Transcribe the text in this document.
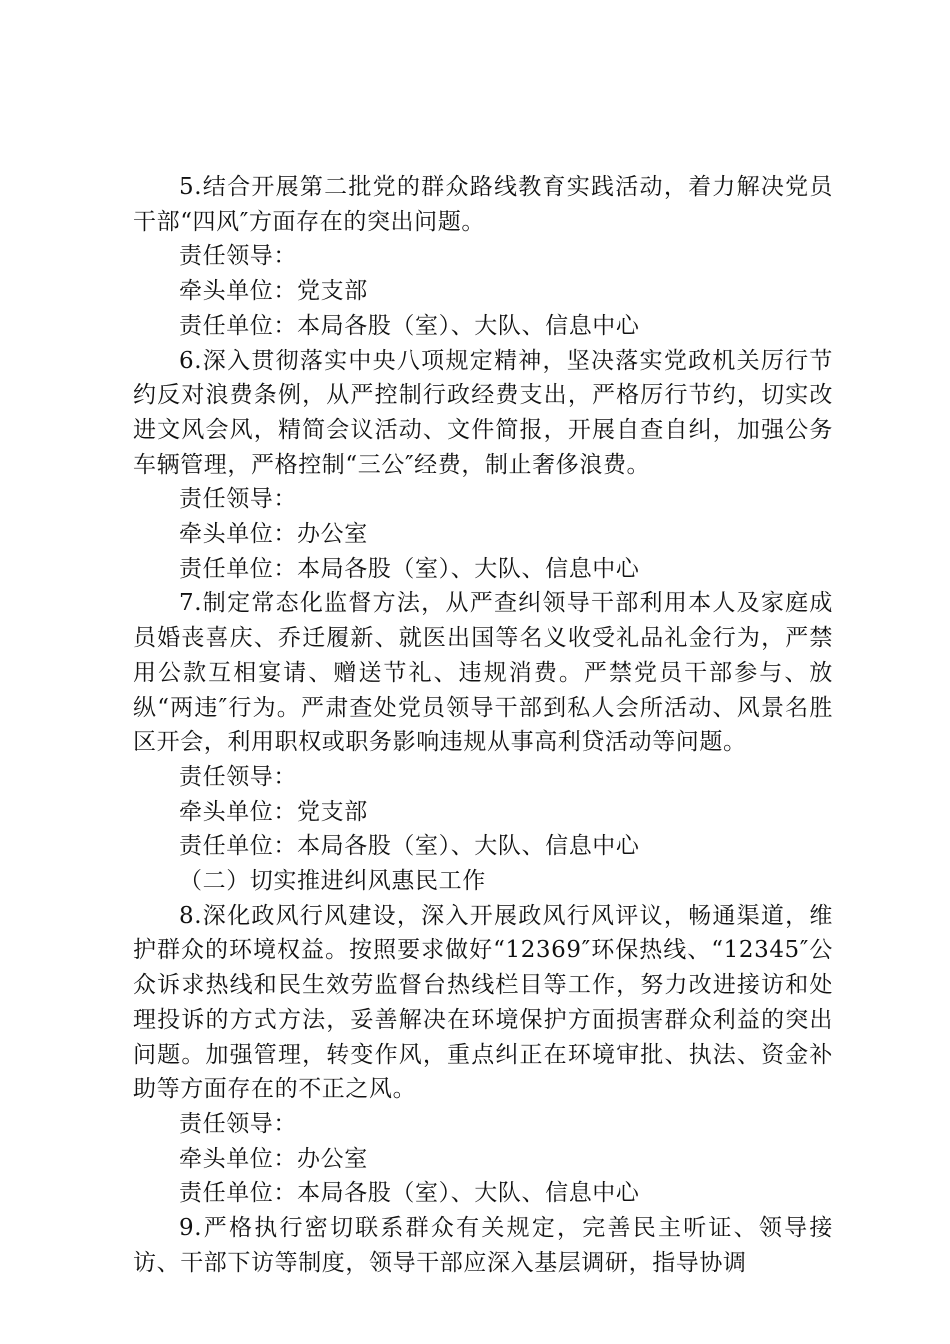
5.结合开展第二批党的群众路线教育实践活动，着力解决党员干部“四风″方面存在的突出问题。

责任领导：

牵头单位：党支部

责任单位：本局各股（室）、大队、信息中心

6.深入贯彻落实中央八项规定精神，坚决落实党政机关厉行节约反对浪费条例，从严控制行政经费支出，严格厉行节约，切实改进文风会风，精简会议活动、文件简报，开展自查自纠，加强公务车辆管理，严格控制“三公″经费，制止奢侈浪费。

责任领导：

牵头单位：办公室

责任单位：本局各股（室）、大队、信息中心

7.制定常态化监督方法，从严查纠领导干部利用本人及家庭成员婚丧喜庆、乔迁履新、就医出国等名义收受礼品礼金行为，严禁用公款互相宴请、赠送节礼、违规消费。严禁党员干部参与、放纵“两违″行为。严肃查处党员领导干部到私人会所活动、风景名胜区开会，利用职权或职务影响违规从事高利贷活动等问题。

责任领导：

牵头单位：党支部

责任单位：本局各股（室）、大队、信息中心

（二）切实推进纠风惠民工作

8.深化政风行风建设，深入开展政风行风评议，畅通渠道，维护群众的环境权益。按照要求做好“12369″环保热线、“12345″公众诉求热线和民生效劳监督台热线栏目等工作，努力改进接访和处理投诉的方式方法，妥善解决在环境保护方面损害群众利益的突出问题。加强管理，转变作风，重点纠正在环境审批、执法、资金补助等方面存在的不正之风。

责任领导：

牵头单位：办公室

责任单位：本局各股（室）、大队、信息中心

9.严格执行密切联系群众有关规定，完善民主听证、领导接访、干部下访等制度，领导干部应深入基层调研，指导协调
